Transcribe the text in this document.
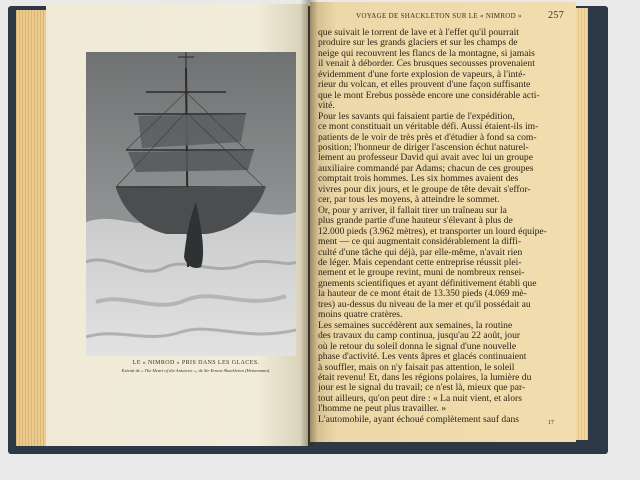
LE « NIMROD » PRIS DANS LES GLACES.
Extrait de « The Heart of the Antarctic », de Sir Ernest Shackleton (Heinemann).
VOYAGE DE SHACKLETON SUR LE « NIMROD »	257
que suivait le torrent de lave et à l'effet qu'il pourrait
produire sur les grands glaciers et sur les champs de
neige qui recouvrent les flancs de la montagne, si jamais
il venait à déborder. Ces brusques secousses provenaient
évidemment d'une forte explosion de vapeurs, à l'inté-
rieur du volcan, et elles prouvent d'une façon suffisante
que le mont Erebus possède encore une considérable acti-
vité.
Pour les savants qui faisaient partie de l'expédition,
ce mont constituait un véritable défi. Aussi étaient-ils im-
patients de le voir de très près et d'étudier à fond sa com-
position; l'honneur de diriger l'ascension échut naturel-
lement au professeur David qui avait avec lui un groupe
auxiliaire commandé par Adams; chacun de ces groupes
comptait trois hommes. Les six hommes avaient des
vivres pour dix jours, et le groupe de tête devait s'effor-
cer, par tous les moyens, à atteindre le sommet.
Or, pour y arriver, il fallait tirer un traîneau sur la
plus grande partie d'une hauteur s'élevant à plus de
12.000 pieds (3.962 mètres), et transporter un lourd équipe-
ment — ce qui augmentait considérablement la diffi-
culté d'une tâche qui déjà, par elle-même, n'avait rien
de léger. Mais cependant cette entreprise réussit plei-
nement et le groupe revint, muni de nombreux rensei-
gnements scientifiques et ayant définitivement établi que
la hauteur de ce mont était de 13.350 pieds (4.069 mè-
tres) au-dessus du niveau de la mer et qu'il possédait au
moins quatre cratères.
Les semaines succédèrent aux semaines, la routine
des travaux du camp continua, jusqu'au 22 août, jour
où le retour du soleil donna le signal d'une nouvelle
phase d'activité. Les vents âpres et glacés continuaient
à souffler, mais on n'y faisait pas attention, le soleil
était revenu! Et, dans les régions polaires, la lumière du
jour est le signal du travail; ce n'est là, mieux que par-
tout ailleurs, qu'on peut dire : « La nuit vient, et alors
l'homme ne peut plus travailler. »
L'automobile, ayant échoué complètement sauf dans	17
